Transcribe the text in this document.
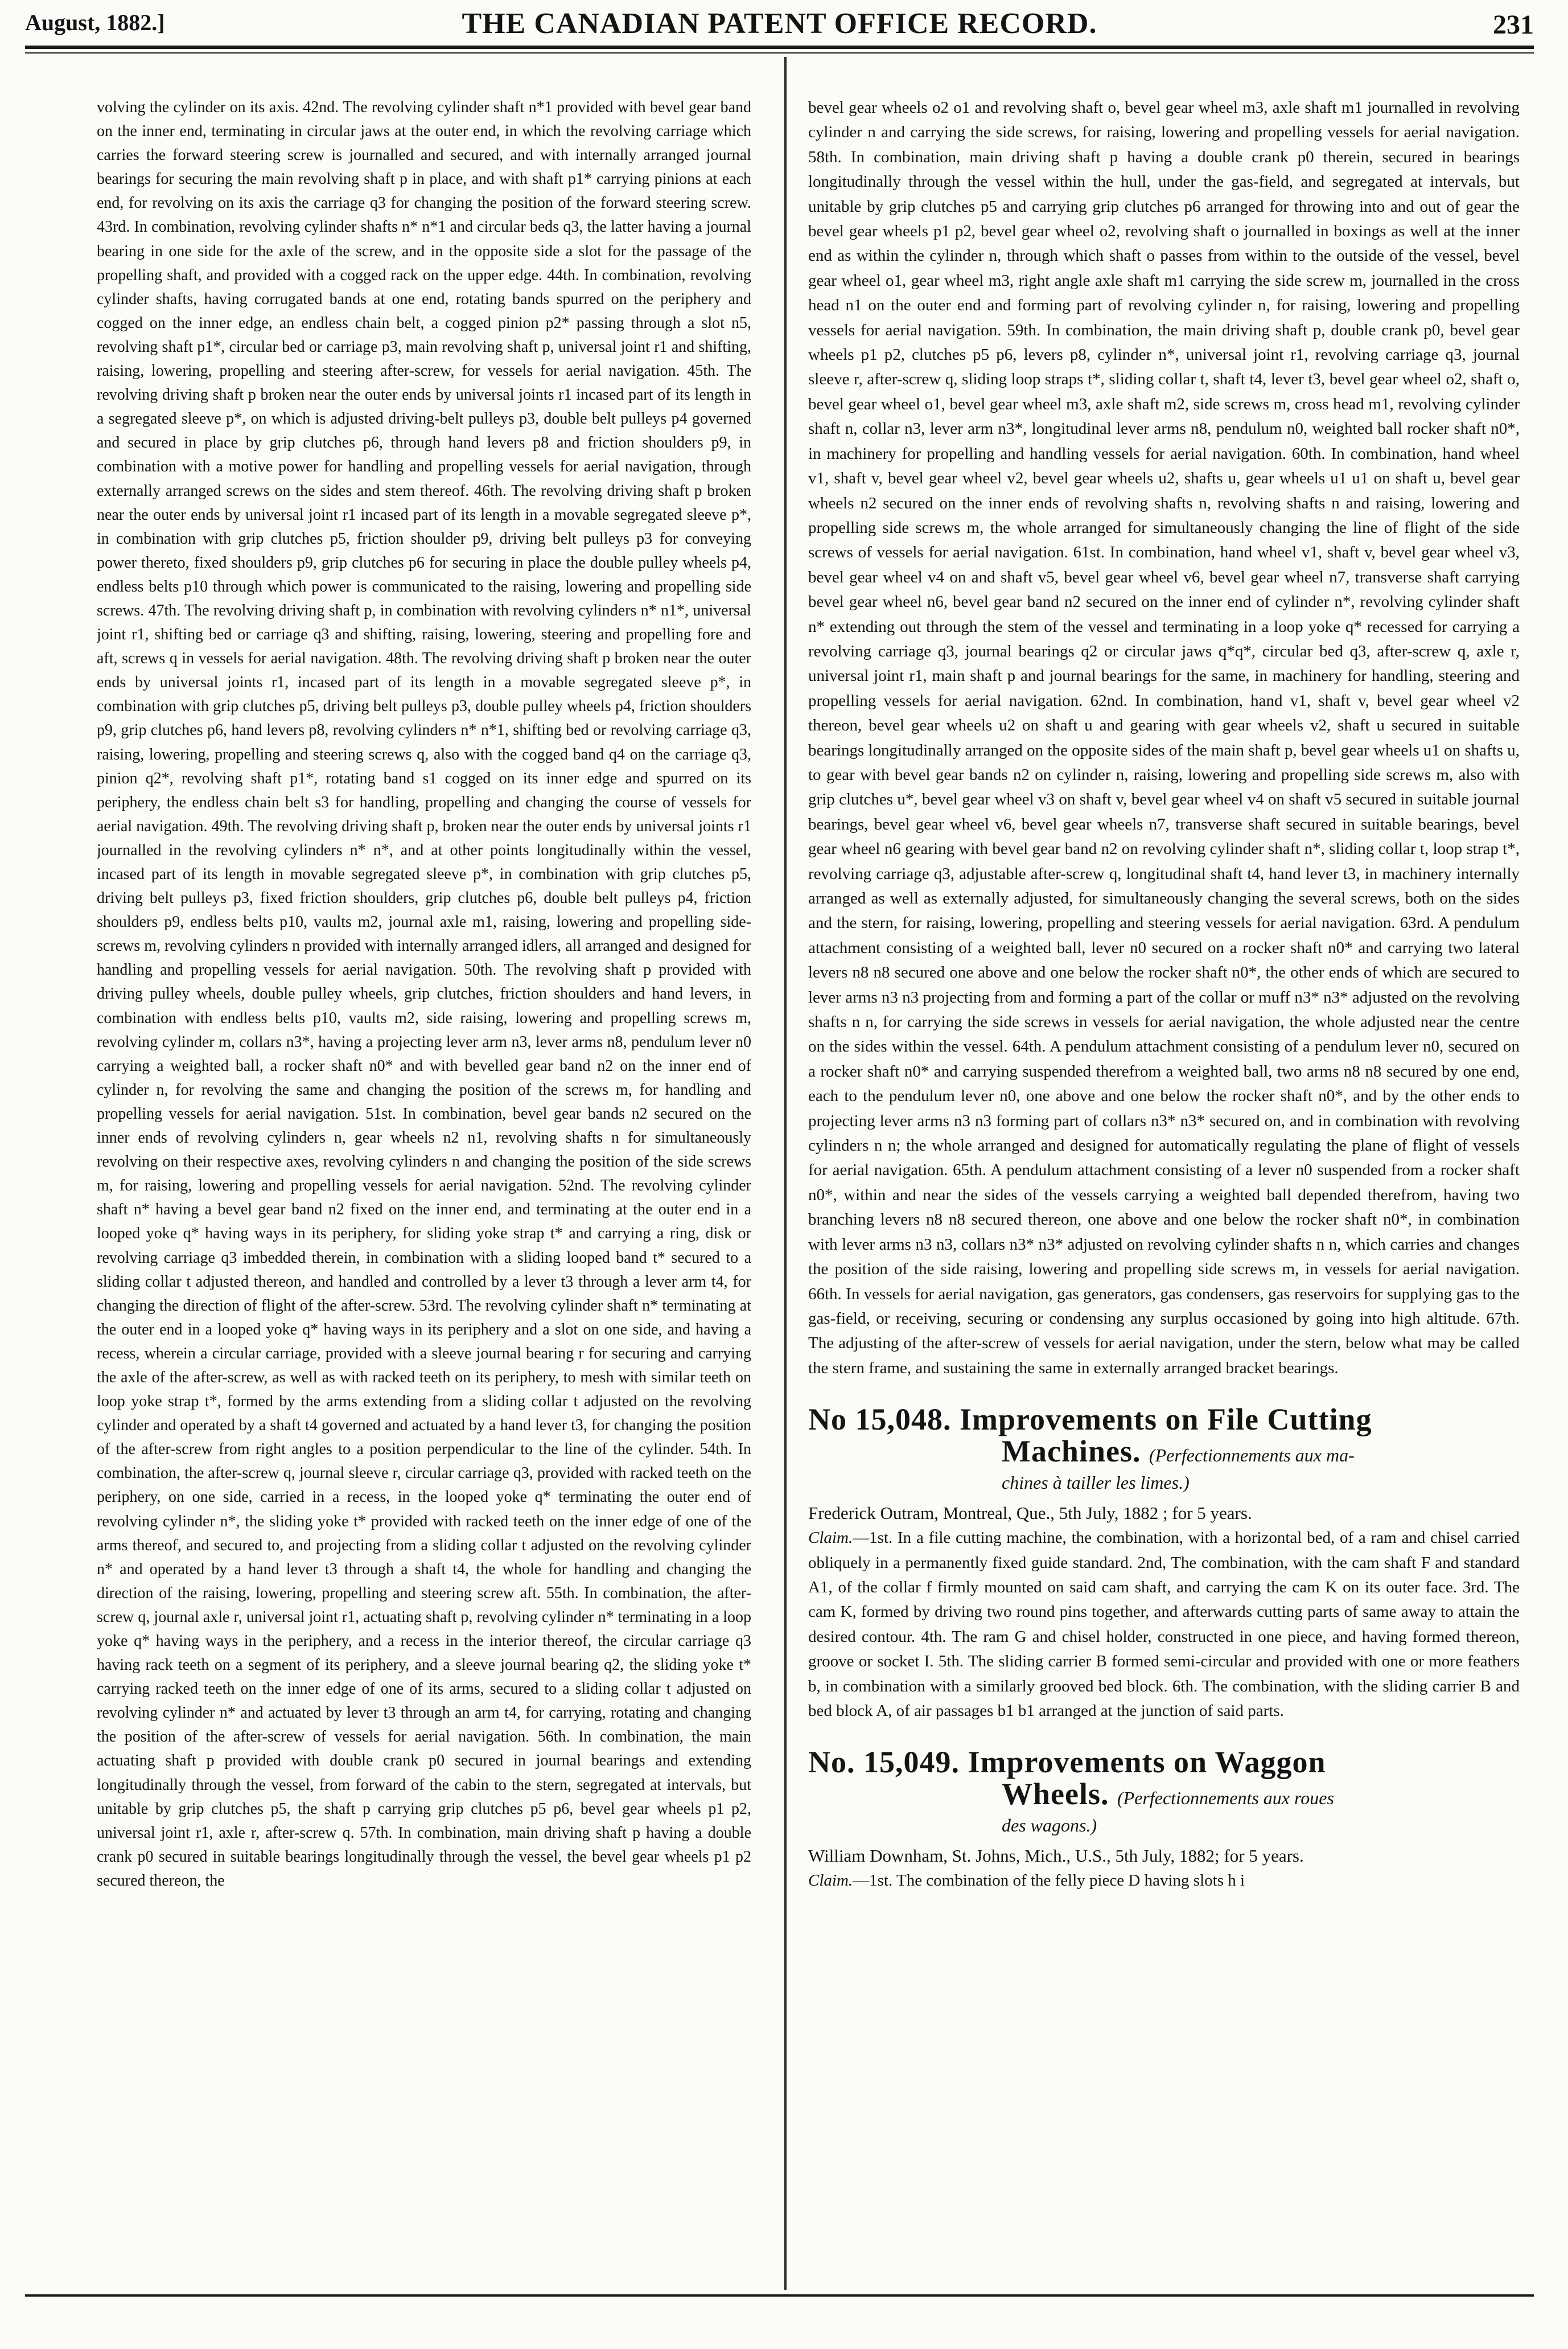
August, 1882.]	THE CANADIAN PATENT OFFICE RECORD.	231

volving the cylinder on its axis. 42nd. The revolving cylinder shaft n*1 provided with bevel gear band on the inner end, terminating in circular jaws at the outer end, in which the revolving carriage which carries the forward steering screw is journalled and secured, and with internally arranged journal bearings for securing the main revolving shaft p in place, and with shaft p1* carrying pinions at each end, for revolving on its axis the carriage q3 for changing the position of the forward steering screw. 43rd. In combination, revolving cylinder shafts n* n*1 and circular beds q3, the latter having a journal bearing in one side for the axle of the screw, and in the opposite side a slot for the passage of the propelling shaft, and provided with a cogged rack on the upper edge. 44th. In combination, revolving cylinder shafts, having corrugated bands at one end, rotating bands spurred on the periphery and cogged on the inner edge, an endless chain belt, a cogged pinion p2* passing through a slot n5, revolving shaft p1*, circular bed or carriage p3, main revolving shaft p, universal joint r1 and shifting, raising, lowering, propelling and steering after-screw, for vessels for aerial navigation. 45th. The revolving driving shaft p broken near the outer ends by universal joints r1 incased part of its length in a segregated sleeve p*, on which is adjusted driving-belt pulleys p3, double belt pulleys p4 governed and secured in place by grip clutches p6, through hand levers p8 and friction shoulders p9, in combination with a motive power for handling and propelling vessels for aerial navigation, through externally arranged screws on the sides and stem thereof. 46th. The revolving driving shaft p broken near the outer ends by universal joint r1 incased part of its length in a movable segregated sleeve p*, in combination with grip clutches p5, friction shoulder p9, driving belt pulleys p3 for conveying power thereto, fixed shoulders p9, grip clutches p6 for securing in place the double pulley wheels p4, endless belts p10 through which power is communicated to the raising, lowering and propelling side screws. 47th. The revolving driving shaft p, in combination with revolving cylinders n* n1*, universal joint r1, shifting bed or carriage q3 and shifting, raising, lowering, steering and propelling fore and aft, screws q in vessels for aerial navigation. 48th. The revolving driving shaft p broken near the outer ends by universal joints r1, incased part of its length in a movable segregated sleeve p*, in combination with grip clutches p5, driving belt pulleys p3, double pulley wheels p4, friction shoulders p9, grip clutches p6, hand levers p8, revolving cylinders n* n*1, shifting bed or revolving carriage q3, raising, lowering, propelling and steering screws q, also with the cogged band q4 on the carriage q3, pinion q2*, revolving shaft p1*, rotating band s1 cogged on its inner edge and spurred on its periphery, the endless chain belt s3 for handling, propelling and changing the course of vessels for aerial navigation. 49th. The revolving driving shaft p, broken near the outer ends by universal joints r1 journalled in the revolving cylinders n* n*, and at other points longitudinally within the vessel, incased part of its length in movable segregated sleeve p*, in combination with grip clutches p5, driving belt pulleys p3, fixed friction shoulders, grip clutches p6, double belt pulleys p4, friction shoulders p9, endless belts p10, vaults m2, journal axle m1, raising, lowering and propelling side-screws m, revolving cylinders n provided with internally arranged idlers, all arranged and designed for handling and propelling vessels for aerial navigation. 50th. The revolving shaft p provided with driving pulley wheels, double pulley wheels, grip clutches, friction shoulders and hand levers, in combination with endless belts p10, vaults m2, side raising, lowering and propelling screws m, revolving cylinder m, collars n3*, having a projecting lever arm n3, lever arms n8, pendulum lever n0 carrying a weighted ball, a rocker shaft n0* and with bevelled gear band n2 on the inner end of cylinder n, for revolving the same and changing the position of the screws m, for handling and propelling vessels for aerial navigation. 51st. In combination, bevel gear bands n2 secured on the inner ends of revolving cylinders n, gear wheels n2 n1, revolving shafts n for simultaneously revolving on their respective axes, revolving cylinders n and changing the position of the side screws m, for raising, lowering and propelling vessels for aerial navigation. 52nd. The revolving cylinder shaft n* having a bevel gear band n2 fixed on the inner end, and terminating at the outer end in a looped yoke q* having ways in its periphery, for sliding yoke strap t* and carrying a ring, disk or revolving carriage q3 imbedded therein, in combination with a sliding looped band t* secured to a sliding collar t adjusted thereon, and handled and controlled by a lever t3 through a lever arm t4, for changing the direction of flight of the after-screw. 53rd. The revolving cylinder shaft n* terminating at the outer end in a looped yoke q* having ways in its periphery and a slot on one side, and having a recess, wherein a circular carriage, provided with a sleeve journal bearing r for securing and carrying the axle of the after-screw, as well as with racked teeth on its periphery, to mesh with similar teeth on loop yoke strap t*, formed by the arms extending from a sliding collar t adjusted on the revolving cylinder and operated by a shaft t4 governed and actuated by a hand lever t3, for changing the position of the after-screw from right angles to a position perpendicular to the line of the cylinder. 54th. In combination, the after-screw q, journal sleeve r, circular carriage q3, provided with racked teeth on the periphery, on one side, carried in a recess, in the looped yoke q* terminating the outer end of revolving cylinder n*, the sliding yoke t* provided with racked teeth on the inner edge of one of the arms thereof, and secured to, and projecting from a sliding collar t adjusted on the revolving cylinder n* and operated by a hand lever t3 through a shaft t4, the whole for handling and changing the direction of the raising, lowering, propelling and steering screw aft. 55th. In combination, the after-screw q, journal axle r, universal joint r1, actuating shaft p, revolving cylinder n* terminating in a loop yoke q* having ways in the periphery, and a recess in the interior thereof, the circular carriage q3 having rack teeth on a segment of its periphery, and a sleeve journal bearing q2, the sliding yoke t* carrying racked teeth on the inner edge of one of its arms, secured to a sliding collar t adjusted on revolving cylinder n* and actuated by lever t3 through an arm t4, for carrying, rotating and changing the position of the after-screw of vessels for aerial navigation. 56th. In combination, the main actuating shaft p provided with double crank p0 secured in journal bearings and extending longitudinally through the vessel, from forward of the cabin to the stern, segregated at intervals, but unitable by grip clutches p5, the shaft p carrying grip clutches p5 p6, bevel gear wheels p1 p2, universal joint r1, axle r, after-screw q. 57th. In combination, main driving shaft p having a double crank p0 secured in suitable bearings longitudinally through the vessel, the bevel gear wheels p1 p2 secured thereon, the

bevel gear wheels o2 o1 and revolving shaft o, bevel gear wheel m3, axle shaft m1 journalled in revolving cylinder n and carrying the side screws, for raising, lowering and propelling vessels for aerial navigation. 58th. In combination, main driving shaft p having a double crank p0 therein, secured in bearings longitudinally through the vessel within the hull, under the gas-field, and segregated at intervals, but unitable by grip clutches p5 and carrying grip clutches p6 arranged for throwing into and out of gear the bevel gear wheels p1 p2, bevel gear wheel o2, revolving shaft o journalled in boxings as well at the inner end as within the cylinder n, through which shaft o passes from within to the outside of the vessel, bevel gear wheel o1, gear wheel m3, right angle axle shaft m1 carrying the side screw m, journalled in the cross head n1 on the outer end and forming part of revolving cylinder n, for raising, lowering and propelling vessels for aerial navigation. 59th. In combination, the main driving shaft p, double crank p0, bevel gear wheels p1 p2, clutches p5 p6, levers p8, cylinder n*, universal joint r1, revolving carriage q3, journal sleeve r, after-screw q, sliding loop straps t*, sliding collar t, shaft t4, lever t3, bevel gear wheel o2, shaft o, bevel gear wheel o1, bevel gear wheel m3, axle shaft m2, side screws m, cross head m1, revolving cylinder shaft n, collar n3, lever arm n3*, longitudinal lever arms n8, pendulum n0, weighted ball rocker shaft n0*, in machinery for propelling and handling vessels for aerial navigation. 60th. In combination, hand wheel v1, shaft v, bevel gear wheel v2, bevel gear wheels u2, shafts u, gear wheels u1 u1 on shaft u, bevel gear wheels n2 secured on the inner ends of revolving shafts n, revolving shafts n and raising, lowering and propelling side screws m, the whole arranged for simultaneously changing the line of flight of the side screws of vessels for aerial navigation. 61st. In combination, hand wheel v1, shaft v, bevel gear wheel v3, bevel gear wheel v4 on and shaft v5, bevel gear wheel v6, bevel gear wheel n7, transverse shaft carrying bevel gear wheel n6, bevel gear band n2 secured on the inner end of cylinder n*, revolving cylinder shaft n* extending out through the stem of the vessel and terminating in a loop yoke q* recessed for carrying a revolving carriage q3, journal bearings q2 or circular jaws q*q*, circular bed q3, after-screw q, axle r, universal joint r1, main shaft p and journal bearings for the same, in machinery for handling, steering and propelling vessels for aerial navigation. 62nd. In combination, hand v1, shaft v, bevel gear wheel v2 thereon, bevel gear wheels u2 on shaft u and gearing with gear wheels v2, shaft u secured in suitable bearings longitudinally arranged on the opposite sides of the main shaft p, bevel gear wheels u1 on shafts u, to gear with bevel gear bands n2 on cylinder n, raising, lowering and propelling side screws m, also with grip clutches u*, bevel gear wheel v3 on shaft v, bevel gear wheel v4 on shaft v5 secured in suitable journal bearings, bevel gear wheel v6, bevel gear wheels n7, transverse shaft secured in suitable bearings, bevel gear wheel n6 gearing with bevel gear band n2 on revolving cylinder shaft n*, sliding collar t, loop strap t*, revolving carriage q3, adjustable after-screw q, longitudinal shaft t4, hand lever t3, in machinery internally arranged as well as externally adjusted, for simultaneously changing the several screws, both on the sides and the stern, for raising, lowering, propelling and steering vessels for aerial navigation. 63rd. A pendulum attachment consisting of a weighted ball, lever n0 secured on a rocker shaft n0* and carrying two lateral levers n8 n8 secured one above and one below the rocker shaft n0*, the other ends of which are secured to lever arms n3 n3 projecting from and forming a part of the collar or muff n3* n3* adjusted on the revolving shafts n n, for carrying the side screws in vessels for aerial navigation, the whole adjusted near the centre on the sides within the vessel. 64th. A pendulum attachment consisting of a pendulum lever n0, secured on a rocker shaft n0* and carrying suspended therefrom a weighted ball, two arms n8 n8 secured by one end, each to the pendulum lever n0, one above and one below the rocker shaft n0*, and by the other ends to projecting lever arms n3 n3 forming part of collars n3* n3* secured on, and in combination with revolving cylinders n n; the whole arranged and designed for automatically regulating the plane of flight of vessels for aerial navigation. 65th. A pendulum attachment consisting of a lever n0 suspended from a rocker shaft n0*, within and near the sides of the vessels carrying a weighted ball depended therefrom, having two branching levers n8 n8 secured thereon, one above and one below the rocker shaft n0*, in combination with lever arms n3 n3, collars n3* n3* adjusted on revolving cylinder shafts n n, which carries and changes the position of the side raising, lowering and propelling side screws m, in vessels for aerial navigation. 66th. In vessels for aerial navigation, gas generators, gas condensers, gas reservoirs for supplying gas to the gas-field, or receiving, securing or condensing any surplus occasioned by going into high altitude. 67th. The adjusting of the after-screw of vessels for aerial navigation, under the stern, below what may be called the stern frame, and sustaining the same in externally arranged bracket bearings.

No 15,048. Improvements on File Cutting
Machines. (Perfectionnements aux ma-
chines à tailler les limes.)

Frederick Outram, Montreal, Que., 5th July, 1882 ; for 5 years.

Claim.—1st. In a file cutting machine, the combination, with a horizontal bed, of a ram and chisel carried obliquely in a permanently fixed guide standard. 2nd, The combination, with the cam shaft F and standard A1, of the collar f firmly mounted on said cam shaft, and carrying the cam K on its outer face. 3rd. The cam K, formed by driving two round pins together, and afterwards cutting parts of same away to attain the desired contour. 4th. The ram G and chisel holder, constructed in one piece, and having formed thereon, groove or socket I. 5th. The sliding carrier B formed semi-circular and provided with one or more feathers b, in combination with a similarly grooved bed block. 6th. The combination, with the sliding carrier B and bed block A, of air passages b1 b1 arranged at the junction of said parts.

No. 15,049. Improvements on Waggon
Wheels. (Perfectionnements aux roues
des wagons.)

William Downham, St. Johns, Mich., U.S., 5th July, 1882; for 5 years.

Claim.—1st. The combination of the felly piece D having slots h i
